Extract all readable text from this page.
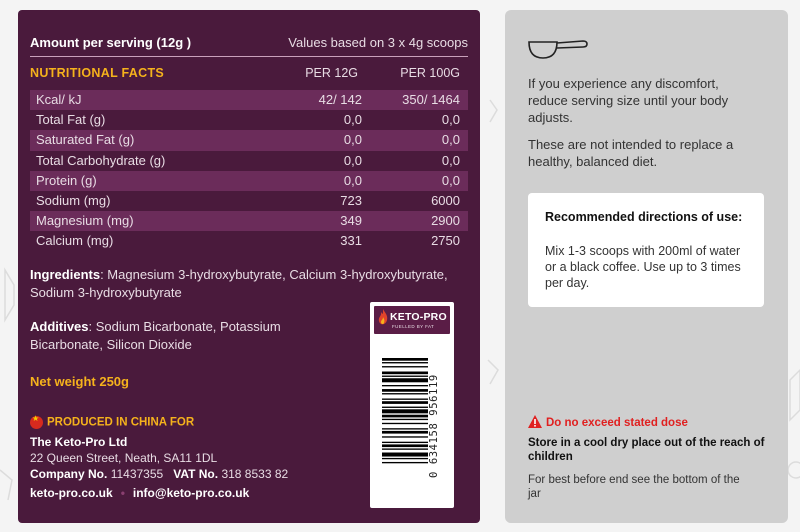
Amount per serving (12g )	Values based on 3 x 4g scoops
NUTRITIONAL FACTS	PER 12G	PER 100G
Kcal/ kJ	42/ 142	350/ 1464
Total Fat (g)	0,0	0,0
Saturated Fat (g)	0,0	0,0
Total Carbohydrate (g)	0,0	0,0
Protein (g)	0,0	0,0
Sodium (mg)	723	6000
Magnesium (mg)	349	2900
Calcium (mg)	331	2750
Ingredients: Magnesium 3-hydroxybutyrate, Calcium 3-hydroxybutyrate, Sodium 3-hydroxybutyrate
Additives: Sodium Bicarbonate, Potassium Bicarbonate, Silicon Dioxide
Net weight 250g
★PRODUCED IN CHINA FOR
The Keto-Pro Ltd
22 Queen Street, Neath, SA11 1DL
Company No. 11437355 VAT No. 318 8533 82
keto-pro.co.uk • info@keto-pro.co.uk
KETO-PRO
FUELLED BY FAT
0 634158 956119
If you experience any discomfort, reduce serving size until your body adjusts.
These are not intended to replace a healthy, balanced diet.
Recommended directions of use:
Mix 1-3 scoops with 200ml of water or a black coffee. Use up to 3 times per day.
Do no exceed stated dose
Store in a cool dry place out of the reach of children
For best before end see the bottom of the jar
